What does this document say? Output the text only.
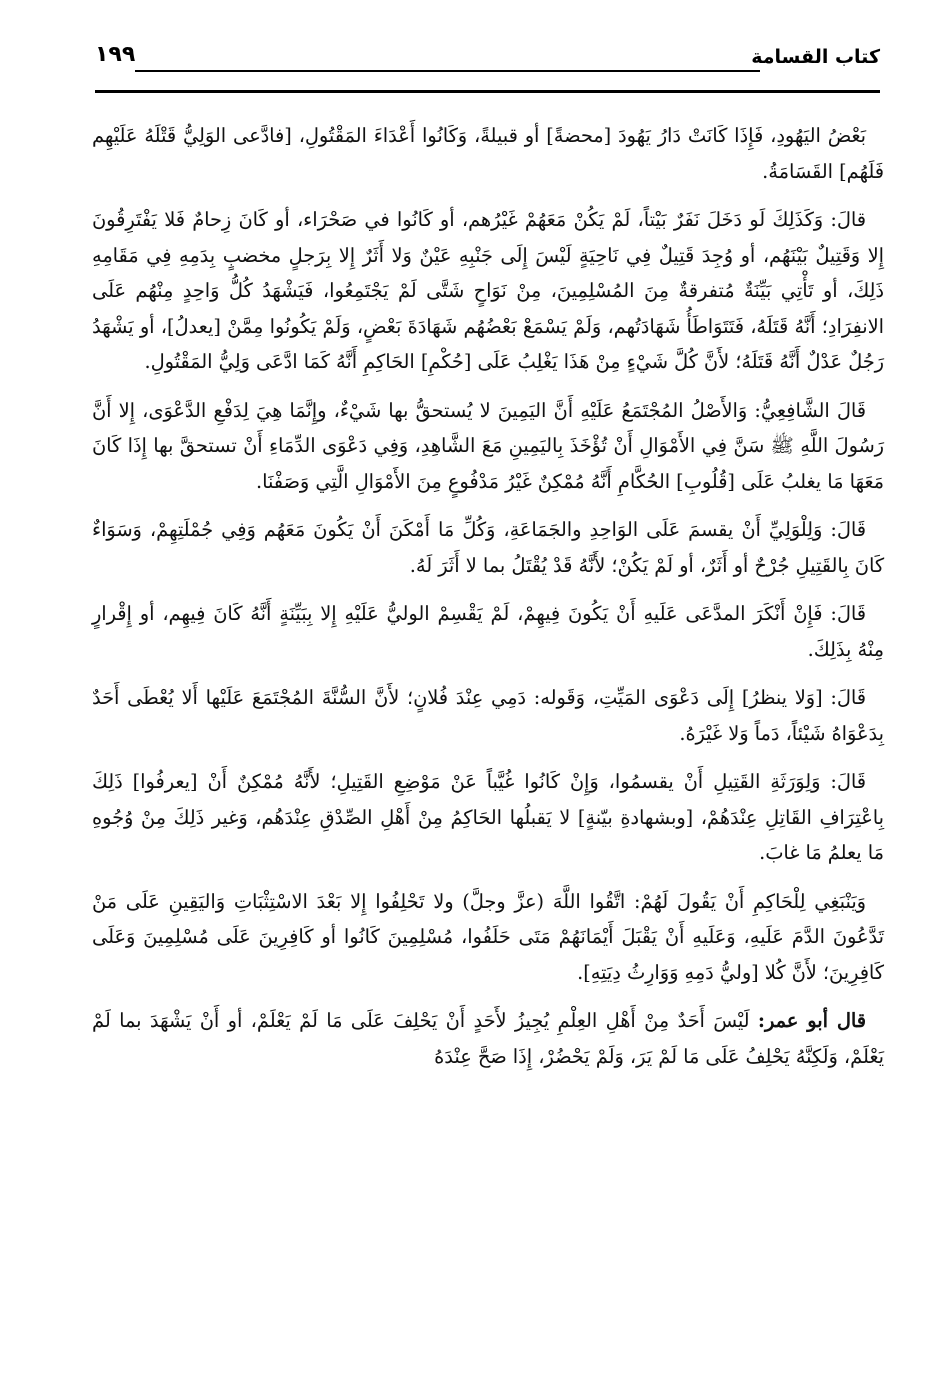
كتاب القسامة
١٩٩

بَعْضُ اليَهُودِ، فَإِذَا كَانَتْ دَارُ يَهُودَ [محضةً] أو قبيلةً، وَكَانُوا أَعْدَاءَ المَقْتُولِ، [فادَّعى الوَلِيُّ قَتْلَهُ عَلَيْهِم فَلَهُم] القَسَامَةُ.

قالَ: وَكَذَلِكَ لَو دَخَلَ نَفَرٌ بَيْتاً، لَمْ يَكُنْ مَعَهُمْ غَيْرُهم، أو كَانُوا في صَحْرَاء، أو كَانَ زِحامٌ فَلا يَفْتَرِقُونَ إِلا وَقَتِيلٌ بَيْنَهُم، أو وُجِدَ قَتِيلٌ فِي نَاحِيَةٍ لَيْسَ إِلَى جَنْبِهِ عَيْنٌ وَلا أَثَرٌ إِلا بِرَجلٍ مخضبٍ بِدَمِهِ فِي مَقَامِهِ ذَلِكَ، أو تَأْتِي بَيِّنَةٌ مُتفرقةٌ مِنَ المُسْلِمِينَ، مِنْ نَوَاحٍ شَتَّى لَمْ يَجْتَمِعُوا، فَيَشْهَدُ كُلُّ وَاحِدٍ مِنْهُم عَلَى الانفِرَادِ؛ أَنَّهُ قَتَلَهُ، فَتَتَوَاطَأُ شَهَادَتُهم، وَلَمْ يَسْمَعْ بَعْضُهُم شَهَادَةَ بَعْضٍ، وَلَمْ يَكُونُوا مِمَّنْ [يعدلُ]، أو يَشْهَدُ رَجُلٌ عَدْلٌ أَنَّهُ قَتَلَهُ؛ لأَنَّ كُلَّ شَيْءٍ مِنْ هَذَا يَغْلِبُ عَلَى [حُكْمِ] الحَاكِمِ أَنَّهُ كَمَا ادَّعَى وَلِيُّ المَقْتُولِ.

قَالَ الشَّافِعِيُّ: وَالأَصْلُ المُجْتَمَعُ عَلَيْهِ أَنَّ اليَمِينَ لا يُستحقُّ بها شَيْءٌ، وإِنَّمَا هِيَ لِدَفْعِ الدَّعْوَى، إِلا أَنَّ رَسُولَ اللَّهِ ﷺ سَنَّ فِي الأَمْوَالِ أَنْ تُؤْخَذَ بِاليَمِينِ مَعَ الشَّاهِدِ، وَفِي دَعْوَى الدِّمَاءِ أَنْ تستحقَّ بها إِذَا كَانَ مَعَهَا مَا يغلبُ عَلَى [قُلُوبِ] الحُكَّامِ أَنَّهُ مُمْكِنٌ غَيْرُ مَدْفُوعٍ مِنَ الأَمْوَالِ الَّتِي وَصَفْنَا.

قَالَ: وَلِلْوَلِيِّ أَنْ يقسمَ عَلَى الوَاحِدِ والجَمَاعَةِ، وَكُلِّ مَا أَمْكَنَ أَنْ يَكُونَ مَعَهُم وَفِي جُمْلَتِهِمْ، وَسَوَاءٌ كَانَ بِالقَتِيلِ جُرْحٌ أو أَثَرٌ، أو لَمْ يَكُنْ؛ لأَنَّهُ قَدْ يُقْتَلُ بما لا أَثَرَ لَهُ.

قَالَ: فَإِنْ أَنْكَرَ المدَّعَى عَلَيهِ أَنْ يَكُونَ فِيهِمْ، لَمْ يَقْسِمْ الوليُّ عَلَيْهِ إِلا بِبَيِّنَةٍ أَنَّهُ كَانَ فِيهِم، أو إِقْرارٍ مِنْهُ بِذَلِكَ.

قَالَ: [وَلا ينظرُ] إِلَى دَعْوَى المَيِّتِ، وَقَوله: دَمِي عِنْدَ فُلانٍ؛ لأَنَّ السُّنَّةَ المُجْتَمَعَ عَلَيْها أَلا يُعْطَى أَحَدٌ بِدَعْوَاهُ شَيْئاً، دَماً وَلا غَيْرَهُ.

قَالَ: وَلِوَرَثَةِ القَتِيلِ أَنْ يقسمُوا، وَإِنْ كَانُوا غُيَّباً عَنْ مَوْضِعِ القَتِيلِ؛ لأَنَّهُ مُمْكِنٌ أَنْ [يعرفُوا] ذَلِكَ بِاعْتِرَافِ القَاتِلِ عِنْدَهُمْ، [وبشهادةِ بيّنةٍ] لا يَقبلُها الحَاكِمُ مِنْ أَهْلِ الصِّدْقِ عِنْدَهُم، وَغير ذَلِكَ مِنْ وُجُوهِ مَا يعلمُ مَا غابَ.

وَيَنْبَغِي لِلْحَاكِمِ أَنْ يَقُولَ لَهُمْ: اتَّقُوا اللَّهَ (عزَّ وجلَّ) ولا تَحْلِفُوا إِلا بَعْدَ الاسْتِثْبَاتِ وَاليَقِينِ عَلَى مَنْ تَدَّعُونَ الدَّمَ عَلَيهِ، وَعَلَيهِ أَنْ يَقْبَلَ أَيْمَانَهُمْ مَتَى حَلَفُوا، مُسْلِمِينَ كَانُوا أو كَافِرِينَ عَلَى مُسْلِمِينَ وَعَلَى كَافِرِينَ؛ لأَنَّ كُلا [وليُّ دَمِهِ وَوَارِثُ دِيَتِهِ].

قال أبو عمر: لَيْسَ أَحَدٌ مِنْ أَهْلِ العِلْمِ يُجِيزُ لأَحَدٍ أَنْ يَحْلِفَ عَلَى مَا لَمْ يَعْلَمْ، أو أَنْ يَشْهَدَ بما لَمْ يَعْلَمْ، وَلَكِنَّهُ يَحْلِفُ عَلَى مَا لَمْ يَرَ، وَلَمْ يَحْضُرْ، إِذَا صَحَّ عِنْدَهُ
